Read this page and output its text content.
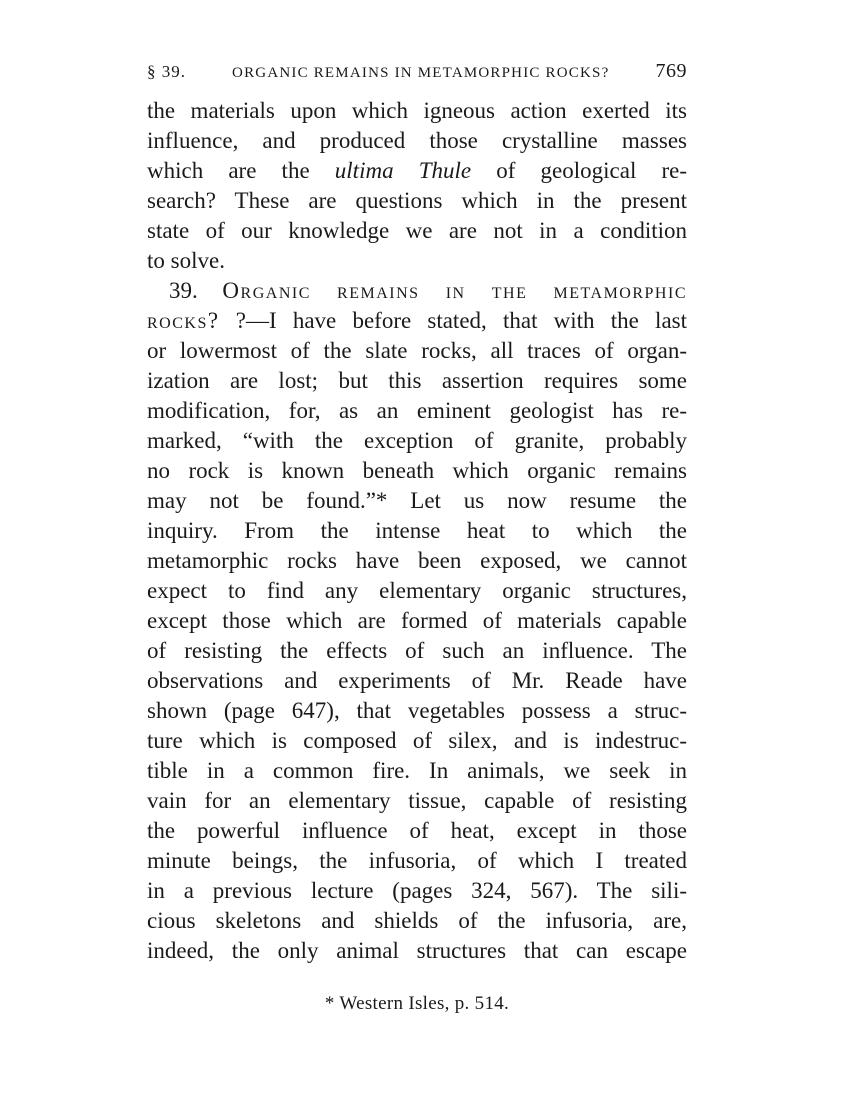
§ 39.	ORGANIC REMAINS IN METAMORPHIC ROCKS? 769
the materials upon which igneous action exerted its
influence, and produced those crystalline masses
which are the ultima Thule of geological re-
search? These are questions which in the present
state of our knowledge we are not in a condition
to solve.
39. Organic remains in the metamorphic
rocks? ?—I have before stated, that with the last
or lowermost of the slate rocks, all traces of organ-
ization are lost; but this assertion requires some
modification, for, as an eminent geologist has re-
marked, “with the exception of granite, probably
no rock is known beneath which organic remains
may not be found.”* Let us now resume the
inquiry. From the intense heat to which the
metamorphic rocks have been exposed, we cannot
expect to find any elementary organic structures,
except those which are formed of materials capable
of resisting the effects of such an influence. The
observations and experiments of Mr. Reade have
shown (page 647), that vegetables possess a struc-
ture which is composed of silex, and is indestruc-
tible in a common fire. In animals, we seek in
vain for an elementary tissue, capable of resisting
the powerful influence of heat, except in those
minute beings, the infusoria, of which I treated
in a previous lecture (pages 324, 567). The sili-
cious skeletons and shields of the infusoria, are,
indeed, the only animal structures that can escape
* Western Isles, p. 514.
